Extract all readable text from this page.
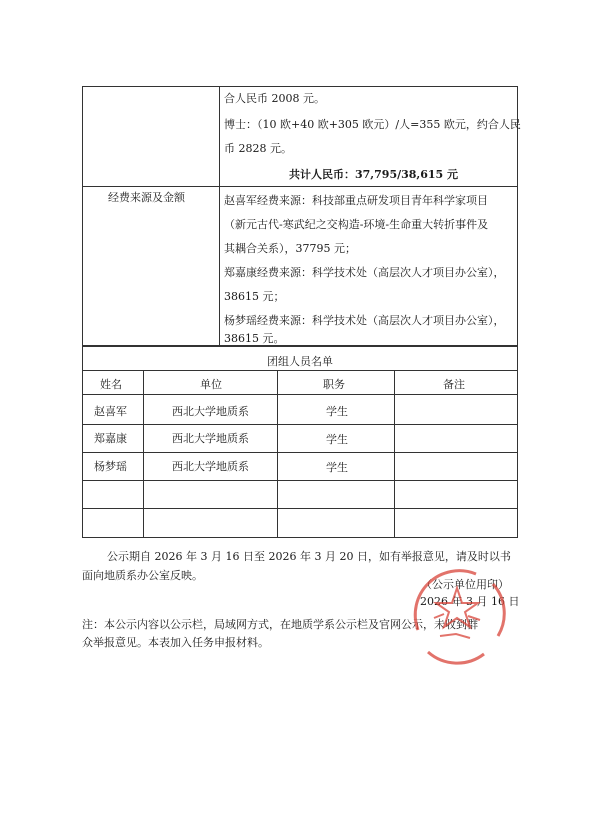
合人民币 2008 元。
博士：（10 欧+40 欧+305 欧元）/人=355 欧元，约合人民
币 2828 元。
共计人民币：37,795/38,615 元
经费来源及金额	赵喜军经费来源：科技部重点研发项目青年科学家项目
（新元古代-寒武纪之交构造-环境-生命重大转折事件及
其耦合关系），37795 元；
郑嘉康经费来源：科学技术处（高层次人才项目办公室），
38615 元；
杨梦瑶经费来源：科学技术处（高层次人才项目办公室），
38615 元。
团组人员名单
姓名	单位	职务	备注
赵喜军	西北大学地质系	学生
郑嘉康	西北大学地质系	学生
杨梦瑶	西北大学地质系	学生
公示期自 2026 年 3 月 16 日至 2026 年 3 月 20 日，如有举报意见，请及时以书
面向地质系办公室反映。
（公示单位用印）
2026 年 3 月 16 日
注：本公示内容以公示栏，局域网方式，在地质学系公示栏及官网公示，未收到群
众举报意见。本表加入任务申报材料。
